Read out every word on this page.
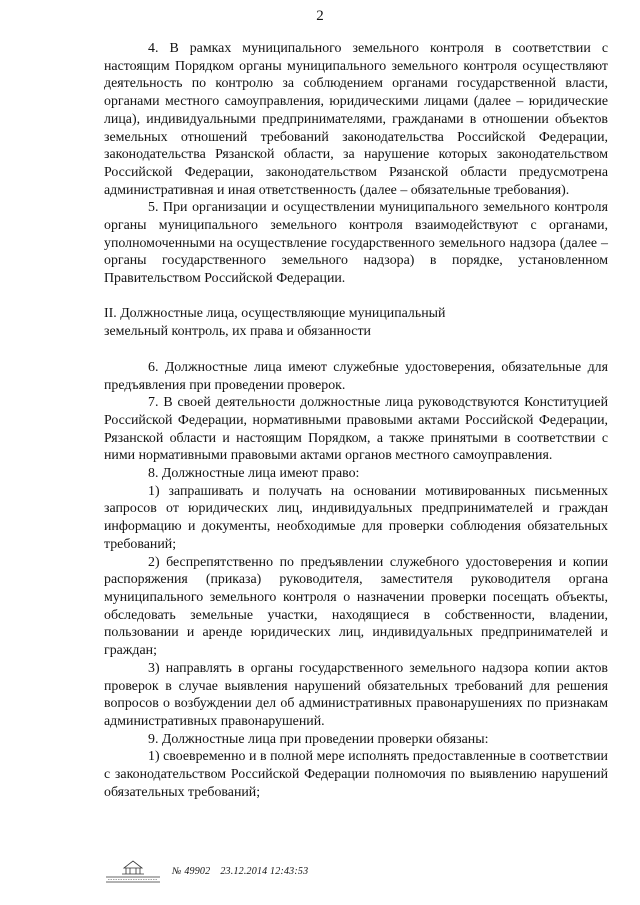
2

4. В рамках муниципального земельного контроля в соответствии с настоящим Порядком органы муниципального земельного контроля осуществляют деятельность по контролю за соблюдением органами государственной власти, органами местного самоуправления, юридическими лицами (далее – юридические лица), индивидуальными предпринимателями, гражданами в отношении объектов земельных отношений требований законодательства Российской Федерации, законодательства Рязанской области, за нарушение которых законодательством Российской Федерации, законодательством Рязанской области предусмотрена административная и иная ответственность (далее – обязательные требования).

5. При организации и осуществлении муниципального земельного контроля органы муниципального земельного контроля взаимодействуют с органами, уполномоченными на осуществление государственного земельного надзора (далее – органы государственного земельного надзора) в порядке, установленном Правительством Российской Федерации.

II. Должностные лица, осуществляющие муниципальный
земельный контроль, их права и обязанности

6. Должностные лица имеют служебные удостоверения, обязательные для предъявления при проведении проверок.

7. В своей деятельности должностные лица руководствуются Конституцией Российской Федерации, нормативными правовыми актами Российской Федерации, Рязанской области и настоящим Порядком, а также принятыми в соответствии с ними нормативными правовыми актами органов местного самоуправления.

8. Должностные лица имеют право:

1) запрашивать и получать на основании мотивированных письменных запросов от юридических лиц, индивидуальных предпринимателей и граждан информацию и документы, необходимые для проверки соблюдения обязательных требований;

2) беспрепятственно по предъявлении служебного удостоверения и копии распоряжения (приказа) руководителя, заместителя руководителя органа муниципального земельного контроля о назначении проверки посещать объекты, обследовать земельные участки, находящиеся в собственности, владении, пользовании и аренде юридических лиц, индивидуальных предпринимателей и граждан;

3) направлять в органы государственного земельного надзора копии актов проверок в случае выявления нарушений обязательных требований для решения вопросов о возбуждении дел об административных правонарушениях по признакам административных правонарушений.

9. Должностные лица при проведении проверки обязаны:

1) своевременно и в полной мере исполнять предоставленные в соответствии с законодательством Российской Федерации полномочия по выявлению нарушений обязательных требований;

№ 49902 23.12.2014 12:43:53
